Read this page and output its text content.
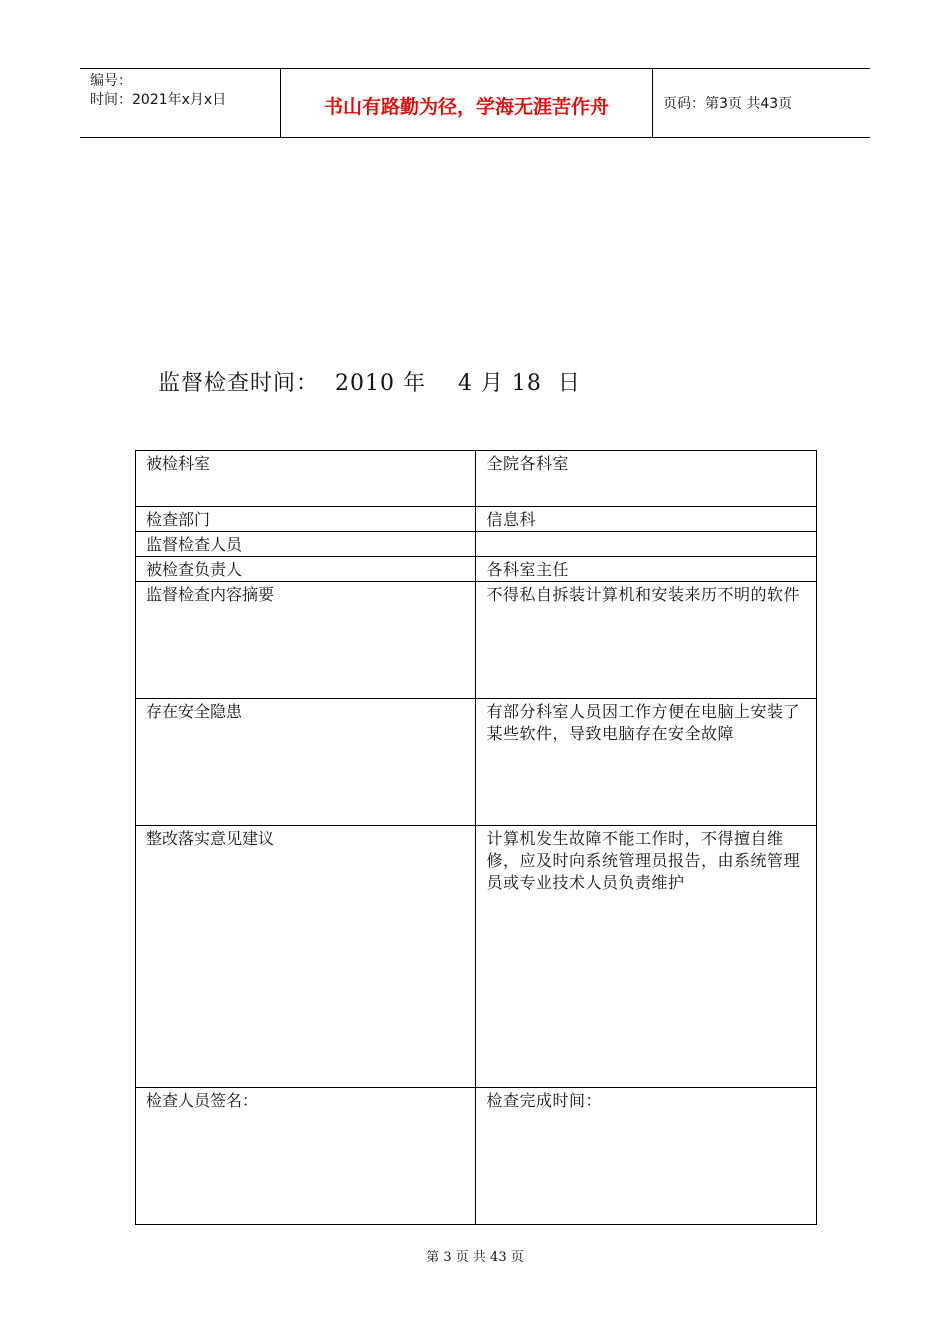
编号：
时间：2021年x月x日	书山有路勤为径，学海无涯苦作舟	页码：第3页 共43页
监督检查时间：  2010 年    4 月 18  日
被检科室	全院各科室
检查部门	信息科
监督检查人员	
被检查负责人	各科室主任
监督检查内容摘要	不得私自拆装计算机和安装来历不明的软件
存在安全隐患	有部分科室人员因工作方便在电脑上安装了某些软件，导致电脑存在安全故障
整改落实意见建议	计算机发生故障不能工作时，不得擅自维修，应及时向系统管理员报告，由系统管理员或专业技术人员负责维护
检查人员签名：	检查完成时间：
第 3 页 共 43 页
